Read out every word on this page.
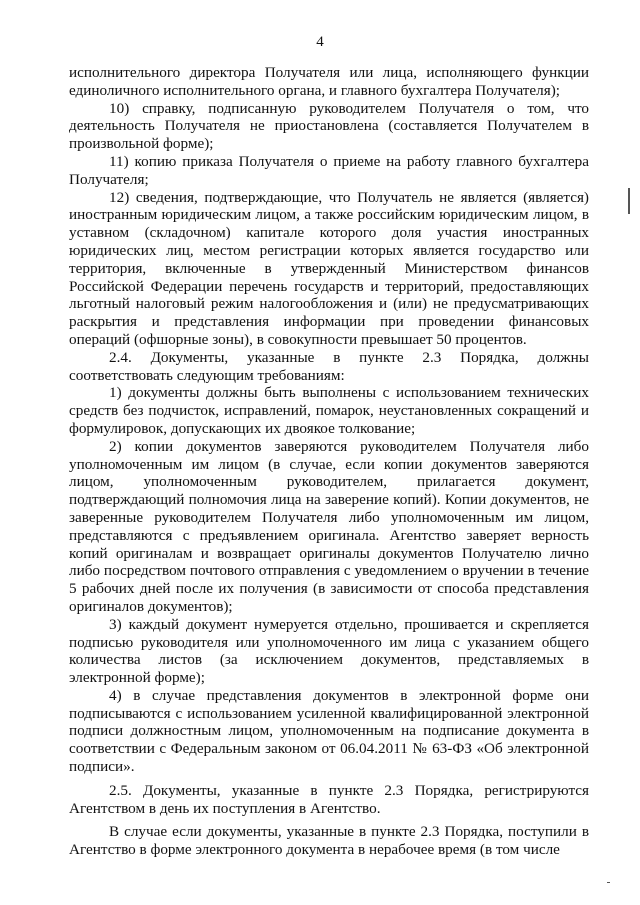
4

исполнительного директора Получателя или лица, исполняющего функции единоличного исполнительного органа, и главного бухгалтера Получателя);

10) справку, подписанную руководителем Получателя о том, что деятельность Получателя не приостановлена (составляется Получателем в произвольной форме);

11) копию приказа Получателя о приеме на работу главного бухгалтера Получателя;

12) сведения, подтверждающие, что Получатель не является (является) иностранным юридическим лицом, а также российским юридическим лицом, в уставном (складочном) капитале которого доля участия иностранных юридических лиц, местом регистрации которых является государство или территория, включенные в утвержденный Министерством финансов Российской Федерации перечень государств и территорий, предоставляющих льготный налоговый режим налогообложения и (или) не предусматривающих раскрытия и представления информации при проведении финансовых операций (офшорные зоны), в совокупности превышает 50 процентов.

2.4. Документы, указанные в пункте 2.3 Порядка, должны соответствовать следующим требованиям:

1) документы должны быть выполнены с использованием технических средств без подчисток, исправлений, помарок, неустановленных сокращений и формулировок, допускающих их двоякое толкование;

2) копии документов заверяются руководителем Получателя либо уполномоченным им лицом (в случае, если копии документов заверяются лицом, уполномоченным руководителем, прилагается документ, подтверждающий полномочия лица на заверение копий). Копии документов, не заверенные руководителем Получателя либо уполномоченным им лицом, представляются с предъявлением оригинала. Агентство заверяет верность копий оригиналам и возвращает оригиналы документов Получателю лично либо посредством почтового отправления с уведомлением о вручении в течение 5 рабочих дней после их получения (в зависимости от способа представления оригиналов документов);

3) каждый документ нумеруется отдельно, прошивается и скрепляется подписью руководителя или уполномоченного им лица с указанием общего количества листов (за исключением документов, представляемых в электронной форме);

4) в случае представления документов в электронной форме они подписываются с использованием усиленной квалифицированной электронной подписи должностным лицом, уполномоченным на подписание документа в соответствии с Федеральным законом от 06.04.2011 № 63-ФЗ «Об электронной подписи».

2.5. Документы, указанные в пункте 2.3 Порядка, регистрируются Агентством в день их поступления в Агентство.

В случае если документы, указанные в пункте 2.3 Порядка, поступили в Агентство в форме электронного документа в нерабочее время (в том числе
